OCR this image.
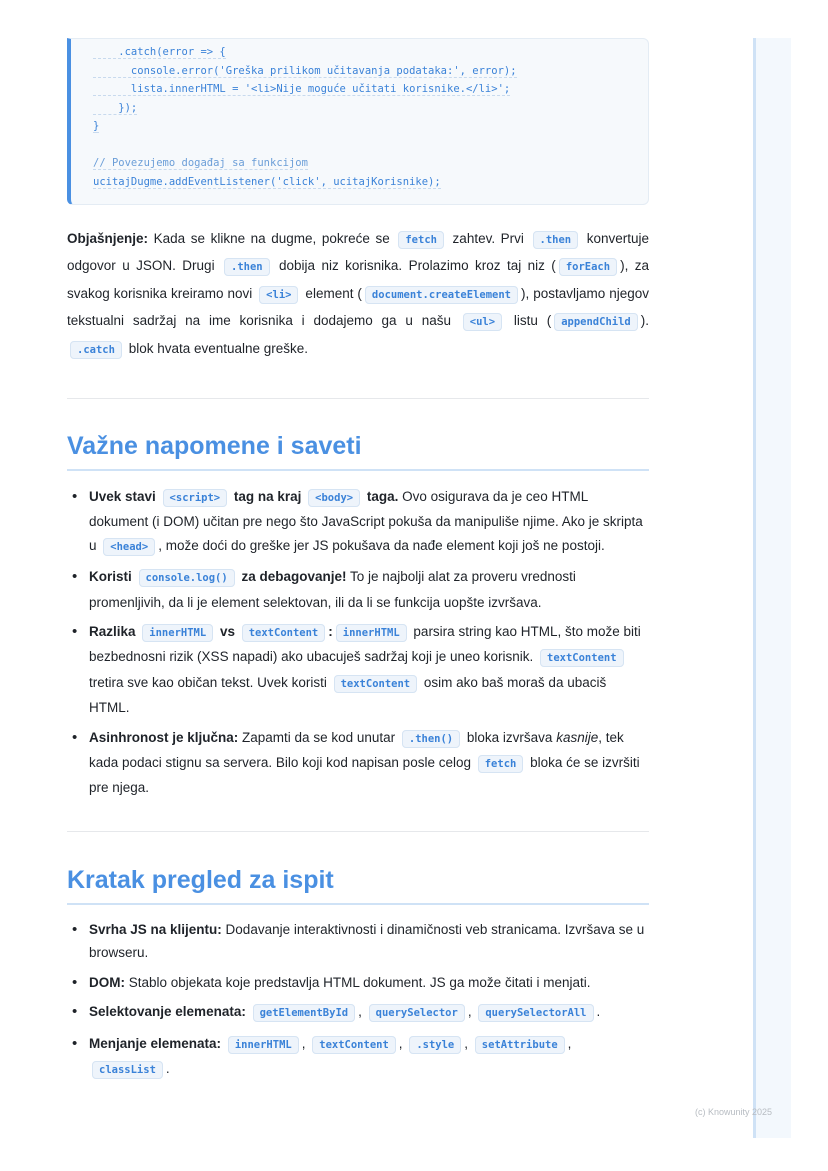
.catch(error => {
console.error('Greška prilikom učitavanja podataka:', error);
lista.innerHTML = '<li>Nije moguće učitati korisnike.</li>';
});
}
// Povezujemo događaj sa funkcijom
ucitajDugme.addEventListener('click', ucitajKorisnike);

Objašnjenje: Kada se klikne na dugme, pokreće se fetch zahtev. Prvi .then konvertuje odgovor u JSON. Drugi .then dobija niz korisnika. Prolazimo kroz taj niz ( forEach ), za svakog korisnika kreiramo novi <li> element ( document.createElement ), postavljamo njegov tekstualni sadržaj na ime korisnika i dodajemo ga u našu <ul> listu ( appendChild ). .catch blok hvata eventualne greške.

Važne napomene i saveti
• Uvek stavi <script> tag na kraj <body> taga. Ovo osigurava da je ceo HTML dokument (i DOM) učitan pre nego što JavaScript pokuša da manipuliše njime. Ako je skripta u <head> , može doći do greške jer JS pokušava da nađe element koji još ne postoji.
• Koristi console.log() za debagovanje! To je najbolji alat za proveru vrednosti promenljivih, da li je element selektovan, ili da li se funkcija uopšte izvršava.
• Razlika innerHTML vs textContent : innerHTML parsira string kao HTML, što može biti bezbednosni rizik (XSS napadi) ako ubacuješ sadržaj koji je uneo korisnik. textContent tretira sve kao običan tekst. Uvek koristi textContent osim ako baš moraš da ubaciš HTML.
• Asinhronost je ključna: Zapamti da se kod unutar .then() bloka izvršava kasnije, tek kada podaci stignu sa servera. Bilo koji kod napisan posle celog fetch bloka će se izvršiti pre njega.
Kratak pregled za ispit
• Svrha JS na klijentu: Dodavanje interaktivnosti i dinamičnosti veb stranicama. Izvršava se u browseru.
• DOM: Stablo objekata koje predstavlja HTML dokument. JS ga može čitati i menjati.
• Selektovanje elemenata: getElementById , querySelector , querySelectorAll .
• Menjanje elemenata: innerHTML , textContent , .style , setAttribute , classList .
(c) Knowunity 2025
